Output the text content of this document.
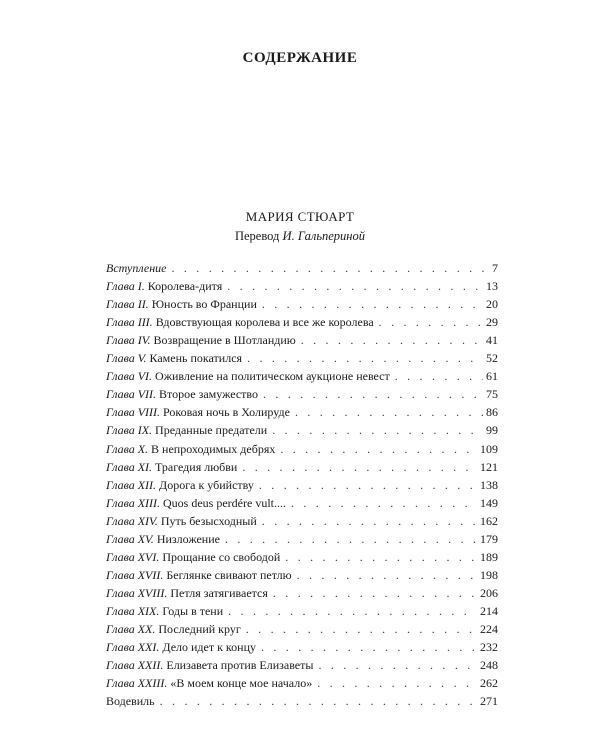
СОДЕРЖАНИЕ

МАРИЯ СТЮАРТ

Перевод И. Гальпериной

Вступление . . .	7
Глава I. Королева-дитя . . .	13
Глава II. Юность во Франции . . .	20
Глава III. Вдовствующая королева и все же королева . . .	29
Глава IV. Возвращение в Шотландию . . .	41
Глава V. Камень покатился . . .	52
Глава VI. Оживление на политическом аукционе невест . . .	61
Глава VII. Второе замужество . . .	75
Глава VIII. Роковая ночь в Холируде . . .	86
Глава IX. Преданные предатели . . .	99
Глава X. В непроходимых дебрях . . .	109
Глава XI. Трагедия любви . . .	121
Глава XII. Дорога к убийству . . .	138
Глава XIII. Quos deus perdére vult.... . . .	149
Глава XIV. Путь безысходный . . .	162
Глава XV. Низложение . . .	179
Глава XVI. Прощание со свободой . . .	189
Глава XVII. Беглянке свивают петлю . . .	198
Глава XVIII. Петля затягивается . . .	206
Глава XIX. Годы в тени . . .	214
Глава XX. Последний круг . . .	224
Глава XXI. Дело идет к концу . . .	232
Глава XXII. Елизавета против Елизаветы . . .	248
Глава XXIII. «В моем конце мое начало» . . .	262
Водевиль . . .	271
